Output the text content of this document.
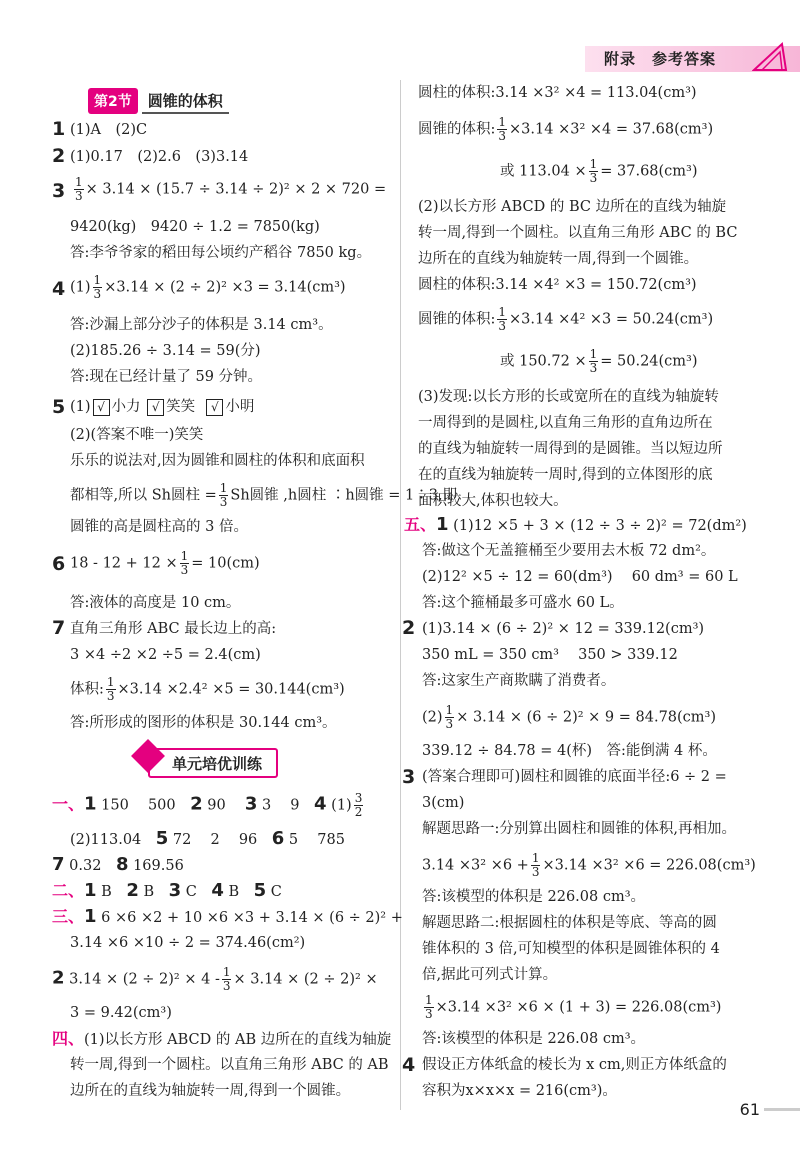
附录　参考答案
第2节 圆锥的体积
1 (1)A　(2)C
2 (1)0.17　(2)2.6　(3)3.14
$3 \frac{1}{3} \times 3.14 \times (15.7 \div 3.14 \div 2)^2 \times 2 \times 720$ =
9420(kg)　9420 ÷ 1.2 = 7850(kg)
答:李爷爷家的稻田每公顷约产稻谷 7850 kg。
4 $(1) \frac{1}{3} \times 3.14 \times (2 \div 2)^2 \times 3 = 3.14(cm^3)$
答:沙漏上部分沙子的体积是 3.14 cm³。
(2)185.26 ÷ 3.14 = 59(分)
答:现在已经计量了 59 分钟。
5 (1) √ 小力 √ 笑笑 √ 小明
(2)(答案不唯一)笑笑
乐乐的说法对,因为圆锥和圆柱的体积和底面积
都相等,所以 Sh圆柱 = $\frac{1}{3}$ Sh圆锥 ,h圆柱 ∶h圆锥 = 1∶3,即
圆锥的高是圆柱高的 3 倍。
6 $18 - 12 + 12 \times \frac{1}{3} = 10(cm)$
答:液体的高度是 10 cm。
7 直角三角形 ABC 最长边上的高:
3 ×4 ÷2 ×2 ÷5 = 2.4(cm)
体积: $\frac{1}{3} \times 3.14 \times 2.4^2 \times 5 = 30.144(cm^3)$
答:所形成的图形的体积是 30.144 cm³。
单元培优训练
一、1 150　 500　2 90　 3 3　 9　4 $(1) \frac{3}{2}$
(2)113.04　5 72　 2　 96　6 5　 785
7 0.32　8 169.56
二、1 B　2 B　3 C　4 B　5 C
三、1 6 ×6 ×2 + 10 ×6 ×3 + 3.14 × (6 ÷ 2)² +
3.14 ×6 ×10 ÷ 2 = 374.46(cm²)
2 $3.14 \times (2 \div 2)^2 \times 4 - \frac{1}{3} \times 3.14 \times (2 \div 2)^2$ ×
3 = 9.42(cm³)
四、(1)以长方形 ABCD 的 AB 边所在的直线为轴旋
转一周,得到一个圆柱。以直角三角形 ABC 的 AB
边所在的直线为轴旋转一周,得到一个圆锥。
圆柱的体积:3.14 ×3² ×4 = 113.04(cm³)
圆锥的体积: $\frac{1}{3} \times 3.14 \times 3^2 \times 4 = 37.68(cm^3)$
或 $113.04 \times \frac{1}{3} = 37.68(cm^3)$
(2)以长方形 ABCD 的 BC 边所在的直线为轴旋
转一周,得到一个圆柱。以直角三角形 ABC 的 BC
边所在的直线为轴旋转一周,得到一个圆锥。
圆柱的体积:3.14 ×4² ×3 = 150.72(cm³)
圆锥的体积: $\frac{1}{3} \times 3.14 \times 4^2 \times 3 = 50.24(cm^3)$
或 $150.72 \times \frac{1}{3} = 50.24(cm^3)$
(3)发现:以长方形的长或宽所在的直线为轴旋转
一周得到的是圆柱,以直角三角形的直角边所在
的直线为轴旋转一周得到的是圆锥。当以短边所
在的直线为轴旋转一周时,得到的立体图形的底
面积较大,体积也较大。
五、1 (1)12 ×5 + 3 × (12 ÷ 3 ÷ 2)² = 72(dm²)
答:做这个无盖箍桶至少要用去木板 72 dm²。
(2)12² ×5 ÷ 12 = 60(dm³)　 60 dm³ = 60 L
答:这个箍桶最多可盛水 60 L。
2 (1)3.14 × (6 ÷ 2)² × 12 = 339.12(cm³)
350 mL = 350 cm³　 350 > 339.12
答:这家生产商欺瞒了消费者。
$(2) \frac{1}{3} \times 3.14 \times (6 \div 2)^2 \times 9 = 84.78(cm^3)$
339.12 ÷ 84.78 = 4(杯)　答:能倒满 4 杯。
3 (答案合理即可)圆柱和圆锥的底面半径:6 ÷ 2 =
3(cm)
解题思路一:分别算出圆柱和圆锥的体积,再相加。
$3.14 \times 3^2 \times 6 + \frac{1}{3} \times 3.14 \times 3^2 \times 6 = 226.08(cm^3)$
答:该模型的体积是 226.08 cm³。
解题思路二:根据圆柱的体积是等底、等高的圆
锥体积的 3 倍,可知模型的体积是圆锥体积的 4
倍,据此可列式计算。
$\frac{1}{3} \times 3.14 \times 3^2 \times 6 \times (1 + 3) = 226.08(cm^3)$
答:该模型的体积是 226.08 cm³。
4 假设正方体纸盒的棱长为 x cm,则正方体纸盒的
容积为x×x×x = 216(cm³)。
61
